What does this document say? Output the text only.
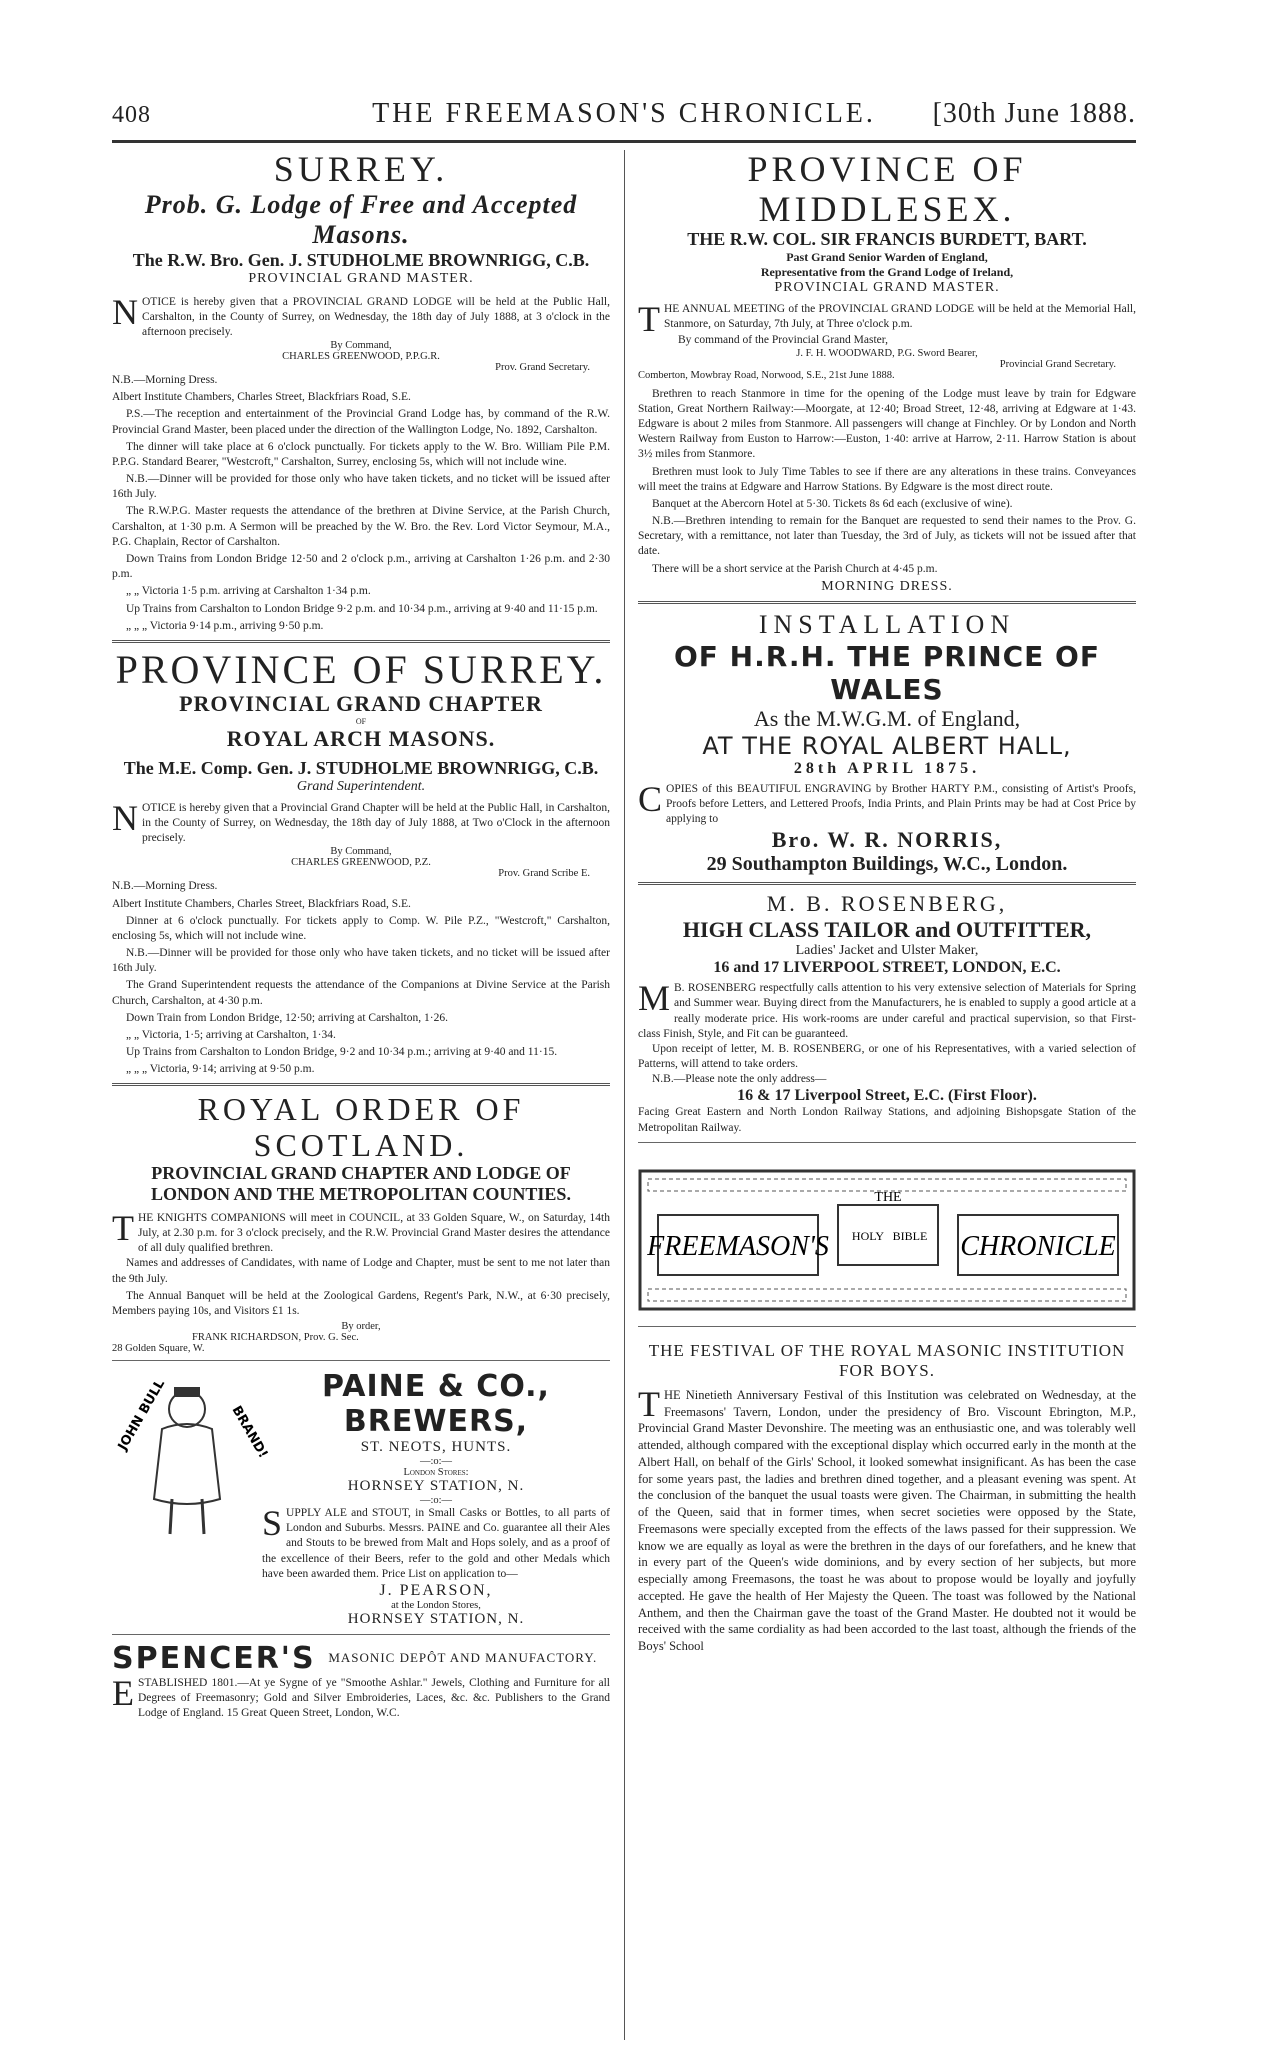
408	THE FREEMASON'S CHRONICLE.	[30th June 1888.
SURREY.
Prob. G. Lodge of Free and Accepted Masons.
The R.W. Bro. Gen. J. STUDHOLME BROWNRIGG, C.B.
PROVINCIAL GRAND MASTER.
NOTICE is hereby given that a PROVINCIAL GRAND LODGE will be held at the Public Hall, Carshalton, in the County of Surrey, on Wednesday, the 18th day of July 1888, at 3 o'clock in the afternoon precisely.
By Command,
CHARLES GREENWOOD, P.P.G.R.
Prov. Grand Secretary.

N.B.—Morning Dress.

Albert Institute Chambers, Charles Street, Blackfriars Road, S.E.

P.S.—The reception and entertainment of the Provincial Grand Lodge has, by command of the R.W. Provincial Grand Master, been placed under the direction of the Wallington Lodge, No. 1892, Carshalton.

The dinner will take place at 6 o'clock punctually. For tickets apply to the W. Bro. William Pile P.M. P.P.G. Standard Bearer, "Westcroft," Carshalton, Surrey, enclosing 5s, which will not include wine.

N.B.—Dinner will be provided for those only who have taken tickets, and no ticket will be issued after 16th July.

The R.W.P.G. Master requests the attendance of the brethren at Divine Service, at the Parish Church, Carshalton, at 1·30 p.m. A Sermon will be preached by the W. Bro. the Rev. Lord Victor Seymour, M.A., P.G. Chaplain, Rector of Carshalton.

Down Trains from London Bridge 12·50 and 2 o'clock p.m., arriving at Carshalton 1·26 p.m. and 2·30 p.m.

„ „ Victoria 1·5 p.m. arriving at Carshalton 1·34 p.m.

Up Trains from Carshalton to London Bridge 9·2 p.m. and 10·34 p.m., arriving at 9·40 and 11·15 p.m.

„ „ „ Victoria 9·14 p.m., arriving 9·50 p.m.

PROVINCE OF SURREY.
PROVINCIAL GRAND CHAPTER
OF
ROYAL ARCH MASONS.
The M.E. Comp. Gen. J. STUDHOLME BROWNRIGG, C.B.
Grand Superintendent.
NOTICE is hereby given that a Provincial Grand Chapter will be held at the Public Hall, in Carshalton, in the County of Surrey, on Wednesday, the 18th day of July 1888, at Two o'Clock in the afternoon precisely.
By Command,
CHARLES GREENWOOD, P.Z.
Prov. Grand Scribe E.

N.B.—Morning Dress.

Albert Institute Chambers, Charles Street, Blackfriars Road, S.E.

Dinner at 6 o'clock punctually. For tickets apply to Comp. W. Pile P.Z., "Westcroft," Carshalton, enclosing 5s, which will not include wine.

N.B.—Dinner will be provided for those only who have taken tickets, and no ticket will be issued after 16th July.

The Grand Superintendent requests the attendance of the Companions at Divine Service at the Parish Church, Carshalton, at 4·30 p.m.

Down Train from London Bridge, 12·50; arriving at Carshalton, 1·26.

„ „ Victoria, 1·5; arriving at Carshalton, 1·34.

Up Trains from Carshalton to London Bridge, 9·2 and 10·34 p.m.; arriving at 9·40 and 11·15.

„ „ „ Victoria, 9·14; arriving at 9·50 p.m.

ROYAL ORDER OF SCOTLAND.
PROVINCIAL GRAND CHAPTER AND LODGE OF LONDON AND THE METROPOLITAN COUNTIES.
THE KNIGHTS COMPANIONS will meet in COUNCIL, at 33 Golden Square, W., on Saturday, 14th July, at 2.30 p.m. for 3 o'clock precisely, and the R.W. Provincial Grand Master desires the attendance of all duly qualified brethren.

Names and addresses of Candidates, with name of Lodge and Chapter, must be sent to me not later than the 9th July.

The Annual Banquet will be held at the Zoological Gardens, Regent's Park, N.W., at 6·30 precisely, Members paying 10s, and Visitors £1 1s.

By order,
FRANK RICHARDSON, Prov. G. Sec.
28 Golden Square, W.
JOHN BULL	BRAND!
PAINE & CO., BREWERS,
ST. NEOTS, HUNTS.
—:o:—
London Stores:
HORNSEY STATION, N.
—:o:—
SUPPLY ALE and STOUT, in Small Casks or Bottles, to all parts of London and Suburbs. Messrs. PAINE and Co. guarantee all their Ales and Stouts to be brewed from Malt and Hops solely, and as a proof of the excellence of their Beers, refer to the gold and other Medals which have been awarded them. Price List on application to—
J. PEARSON,
at the London Stores,
HORNSEY STATION, N.
SPENCER'S MASONIC DEPÔT AND MANUFACTORY.
ESTABLISHED 1801.—At ye Sygne of ye "Smoothe Ashlar." Jewels, Clothing and Furniture for all Degrees of Freemasonry; Gold and Silver Embroideries, Laces, &c. &c. Publishers to the Grand Lodge of England. 15 Great Queen Street, London, W.C.
PROVINCE OF MIDDLESEX.
THE R.W. COL. SIR FRANCIS BURDETT, BART.
Past Grand Senior Warden of England,
Representative from the Grand Lodge of Ireland,
PROVINCIAL GRAND MASTER.
THE ANNUAL MEETING of the PROVINCIAL GRAND LODGE will be held at the Memorial Hall, Stanmore, on Saturday, 7th July, at Three o'clock p.m.
By command of the Provincial Grand Master,
J. F. H. WOODWARD, P.G. Sword Bearer,
Provincial Grand Secretary.
Comberton, Mowbray Road, Norwood, S.E., 21st June 1888.

Brethren to reach Stanmore in time for the opening of the Lodge must leave by train for Edgware Station, Great Northern Railway:—Moorgate, at 12·40; Broad Street, 12·48, arriving at Edgware at 1·43. Edgware is about 2 miles from Stanmore. All passengers will change at Finchley. Or by London and North Western Railway from Euston to Harrow:—Euston, 1·40: arrive at Harrow, 2·11. Harrow Station is about 3½ miles from Stanmore.

Brethren must look to July Time Tables to see if there are any alterations in these trains. Conveyances will meet the trains at Edgware and Harrow Stations. By Edgware is the most direct route.

Banquet at the Abercorn Hotel at 5·30. Tickets 8s 6d each (exclusive of wine).

N.B.—Brethren intending to remain for the Banquet are requested to send their names to the Prov. G. Secretary, with a remittance, not later than Tuesday, the 3rd of July, as tickets will not be issued after that date.

There will be a short service at the Parish Church at 4·45 p.m.

MORNING DRESS.
INSTALLATION
OF H.R.H. THE PRINCE OF WALES
As the M.W.G.M. of England,
AT THE ROYAL ALBERT HALL,
28th APRIL 1875.
COPIES of this BEAUTIFUL ENGRAVING by Brother HARTY P.M., consisting of Artist's Proofs, Proofs before Letters, and Lettered Proofs, India Prints, and Plain Prints may be had at Cost Price by applying to
Bro. W. R. NORRIS,
29 Southampton Buildings, W.C., London.
M. B. ROSENBERG,
HIGH CLASS TAILOR and OUTFITTER,
Ladies' Jacket and Ulster Maker,
16 and 17 LIVERPOOL STREET, LONDON, E.C.
M B. ROSENBERG respectfully calls attention to his very extensive selection of Materials for Spring and Summer wear. Buying direct from the Manufacturers, he is enabled to supply a good article at a really moderate price. His work-rooms are under careful and practical supervision, so that First-class Finish, Style, and Fit can be guaranteed.
Upon receipt of letter, M. B. ROSENBERG, or one of his Representatives, with a varied selection of Patterns, will attend to take orders.
N.B.—Please note the only address—
16 & 17 Liverpool Street, E.C. (First Floor).
Facing Great Eastern and North London Railway Stations, and adjoining Bishopsgate Station of the Metropolitan Railway.
FREEMASON'S
THE
HOLY BIBLE CHRONICLE
THE FESTIVAL OF THE ROYAL MASONIC INSTITUTION FOR BOYS.
THE Ninetieth Anniversary Festival of this Institution was celebrated on Wednesday, at the Freemasons' Tavern, London, under the presidency of Bro. Viscount Ebrington, M.P., Provincial Grand Master Devonshire. The meeting was an enthusiastic one, and was tolerably well attended, although compared with the exceptional display which occurred early in the month at the Albert Hall, on behalf of the Girls' School, it looked somewhat insignificant. As has been the case for some years past, the ladies and brethren dined together, and a pleasant evening was spent. At the conclusion of the banquet the usual toasts were given. The Chairman, in submitting the health of the Queen, said that in former times, when secret societies were opposed by the State, Freemasons were specially excepted from the effects of the laws passed for their suppression. We know we are equally as loyal as were the brethren in the days of our forefathers, and he knew that in every part of the Queen's wide dominions, and by every section of her subjects, but more especially among Freemasons, the toast he was about to propose would be loyally and joyfully accepted. He gave the health of Her Majesty the Queen. The toast was followed by the National Anthem, and then the Chairman gave the toast of the Grand Master. He doubted not it would be received with the same cordiality as had been accorded to the last toast, although the friends of the Boys' School
